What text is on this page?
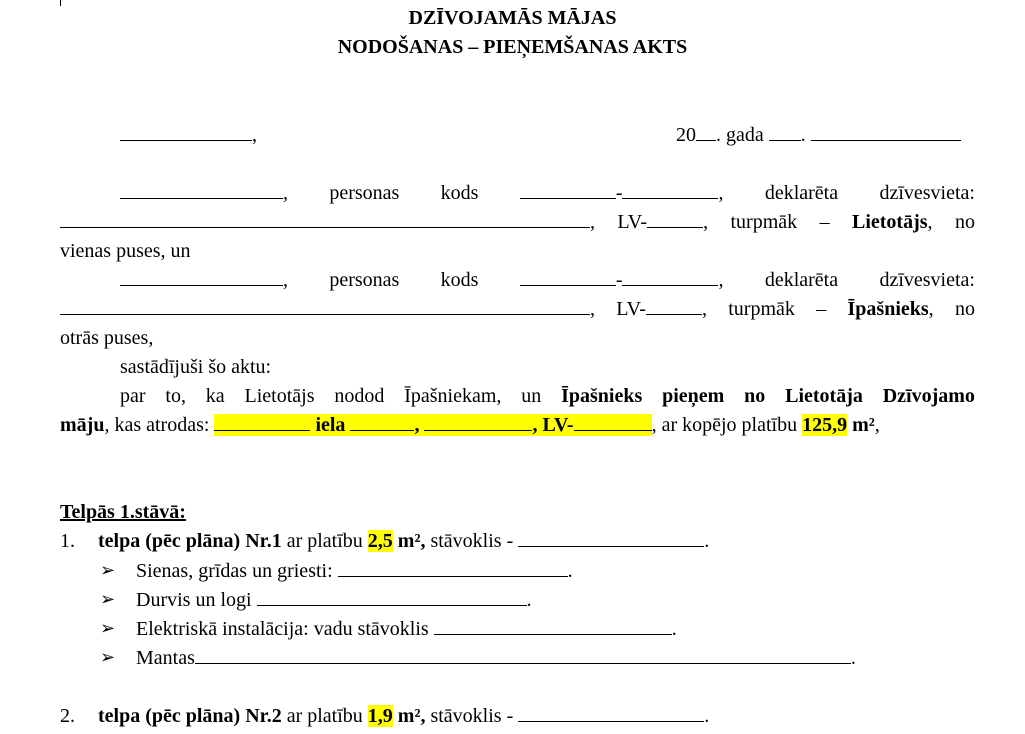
DZĪVOJAMĀS MĀJAS
NODOŠANAS – PIEŅEMŠANAS AKTS
,	20 . gada .
, personas kods	-	, deklarēta dzīvesvieta:
, LV-	, turpmāk – Lietotājs, no
vienas puses, un
, personas kods	-	, deklarēta dzīvesvieta:
, LV-	, turpmāk – Īpašnieks, no
otrās puses,
sastādījuši šo aktu:
par to, ka Lietotājs nodod Īpašniekam, un Īpašnieks pieņem no Lietotāja Dzīvojamo
māju, kas atrodas:	iela	,	, LV-	, ar kopējo platību 125,9 m²,
Telpās 1.stāvā:
1. telpa (pēc plāna) Nr.1 ar platību 2,5 m², stāvoklis -	.
➢ Sienas, grīdas un griesti:	.
➢ Durvis un logi	.
➢ Elektriskā instalācija: vadu stāvoklis	.
➢ Mantas	.
2. telpa (pēc plāna) Nr.2 ar platību 1,9 m², stāvoklis -	.
